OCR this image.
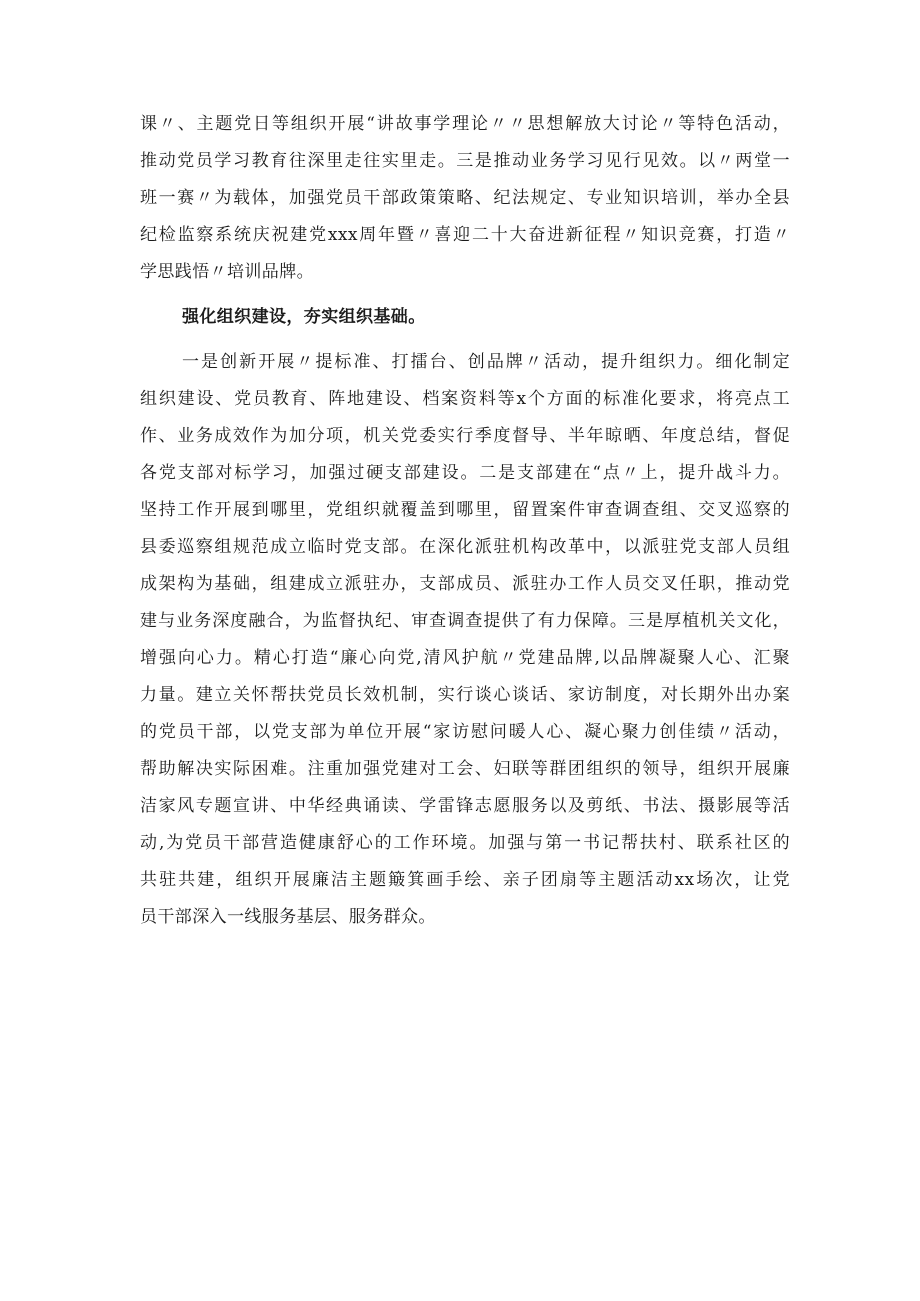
课〃、主题党日等组织开展“讲故事学理论〃〃思想解放大讨论〃等特色活动，
推动党员学习教育往深里走往实里走。三是推动业务学习见行见效。以〃两堂一
班一赛〃为载体，加强党员干部政策策略、纪法规定、专业知识培训，举办全县
纪检监察系统庆祝建党xxx周年暨〃喜迎二十大奋进新征程〃知识竞赛，打造〃
学思践悟〃培训品牌。
强化组织建设，夯实组织基础。
一是创新开展〃提标准、打擂台、创品牌〃活动，提升组织力。细化制定
组织建设、党员教育、阵地建设、档案资料等x个方面的标准化要求，将亮点工
作、业务成效作为加分项，机关党委实行季度督导、半年晾晒、年度总结，督促
各党支部对标学习，加强过硬支部建设。二是支部建在“点〃上，提升战斗力。
坚持工作开展到哪里，党组织就覆盖到哪里，留置案件审查调查组、交叉巡察的
县委巡察组规范成立临时党支部。在深化派驻机构改革中，以派驻党支部人员组
成架构为基础，组建成立派驻办，支部成员、派驻办工作人员交叉任职，推动党
建与业务深度融合，为监督执纪、审查调查提供了有力保障。三是厚植机关文化，
增强向心力。精心打造“廉心向党,清风护航〃党建品牌,以品牌凝聚人心、汇聚
力量。建立关怀帮扶党员长效机制，实行谈心谈话、家访制度，对长期外出办案
的党员干部，以党支部为单位开展“家访慰问暖人心、凝心聚力创佳绩〃活动，
帮助解决实际困难。注重加强党建对工会、妇联等群团组织的领导，组织开展廉
洁家风专题宣讲、中华经典诵读、学雷锋志愿服务以及剪纸、书法、摄影展等活
动,为党员干部营造健康舒心的工作环境。加强与第一书记帮扶村、联系社区的
共驻共建，组织开展廉洁主题簸箕画手绘、亲子团扇等主题活动xx场次，让党
员干部深入一线服务基层、服务群众。
